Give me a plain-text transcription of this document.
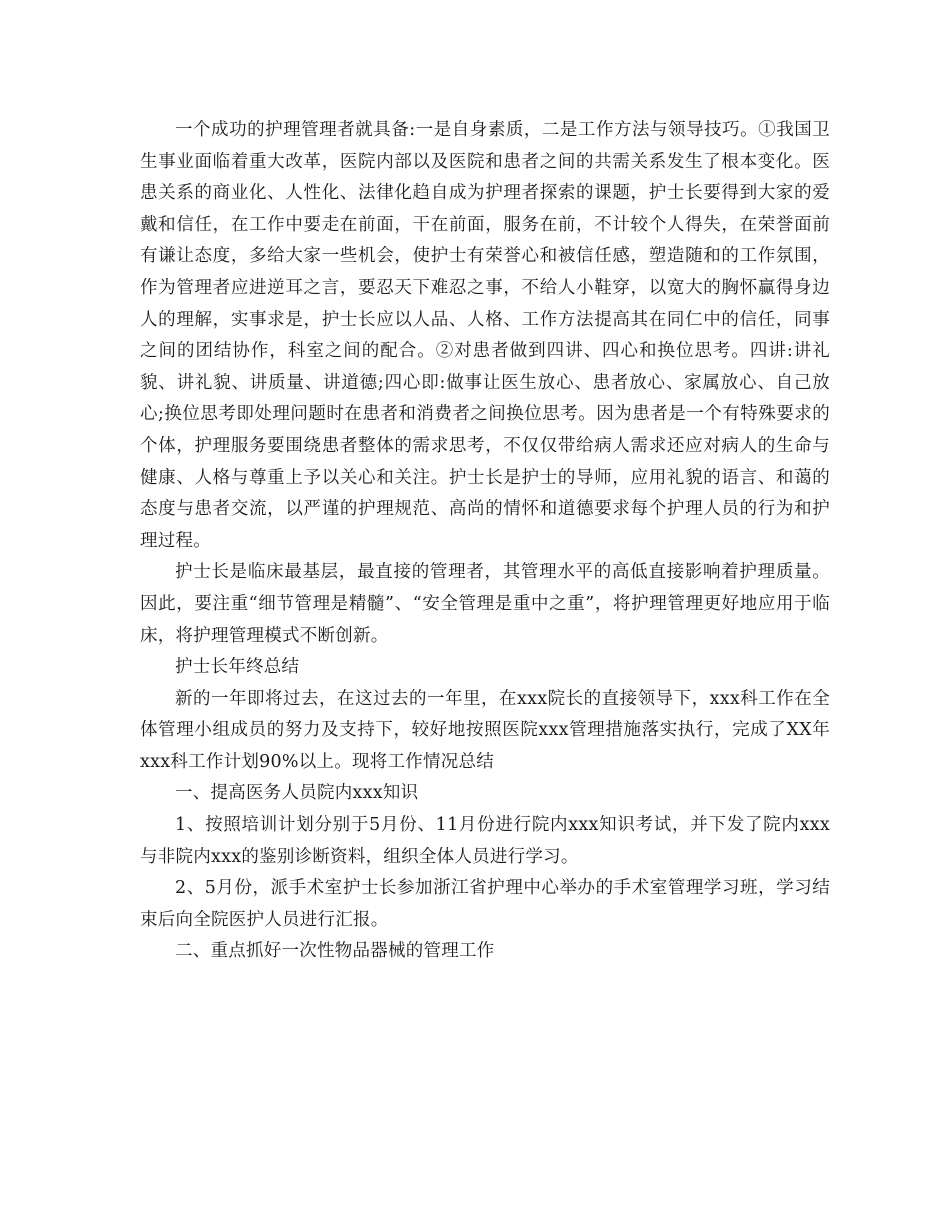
一个成功的护理管理者就具备:一是自身素质，二是工作方法与领导技巧。①我国卫生事业面临着重大改革，医院内部以及医院和患者之间的共需关系发生了根本变化。医患关系的商业化、人性化、法律化趋自成为护理者探索的课题，护士长要得到大家的爱戴和信任，在工作中要走在前面，干在前面，服务在前，不计较个人得失，在荣誉面前有谦让态度，多给大家一些机会，使护士有荣誉心和被信任感，塑造随和的工作氛围，作为管理者应进逆耳之言，要忍天下难忍之事，不给人小鞋穿，以宽大的胸怀赢得身边人的理解，实事求是，护士长应以人品、人格、工作方法提高其在同仁中的信任，同事之间的团结协作，科室之间的配合。②对患者做到四讲、四心和换位思考。四讲:讲礼貌、讲礼貌、讲质量、讲道德;四心即:做事让医生放心、患者放心、家属放心、自己放心;换位思考即处理问题时在患者和消费者之间换位思考。因为患者是一个有特殊要求的个体，护理服务要围绕患者整体的需求思考，不仅仅带给病人需求还应对病人的生命与健康、人格与尊重上予以关心和关注。护士长是护士的导师，应用礼貌的语言、和蔼的态度与患者交流，以严谨的护理规范、高尚的情怀和道德要求每个护理人员的行为和护理过程。

护士长是临床最基层，最直接的管理者，其管理水平的高低直接影响着护理质量。因此，要注重“细节管理是精髓”、“安全管理是重中之重”，将护理管理更好地应用于临床，将护理管理模式不断创新。

护士长年终总结

新的一年即将过去，在这过去的一年里，在xxx院长的直接领导下，xxx科工作在全体管理小组成员的努力及支持下，较好地按照医院xxx管理措施落实执行，完成了XX年xxx科工作计划90%以上。现将工作情况总结

一、提高医务人员院内xxx知识

1、按照培训计划分别于5月份、11月份进行院内xxx知识考试，并下发了院内xxx与非院内xxx的鉴别诊断资料，组织全体人员进行学习。

2、5月份，派手术室护士长参加浙江省护理中心举办的手术室管理学习班，学习结束后向全院医护人员进行汇报。

二、重点抓好一次性物品器械的管理工作
